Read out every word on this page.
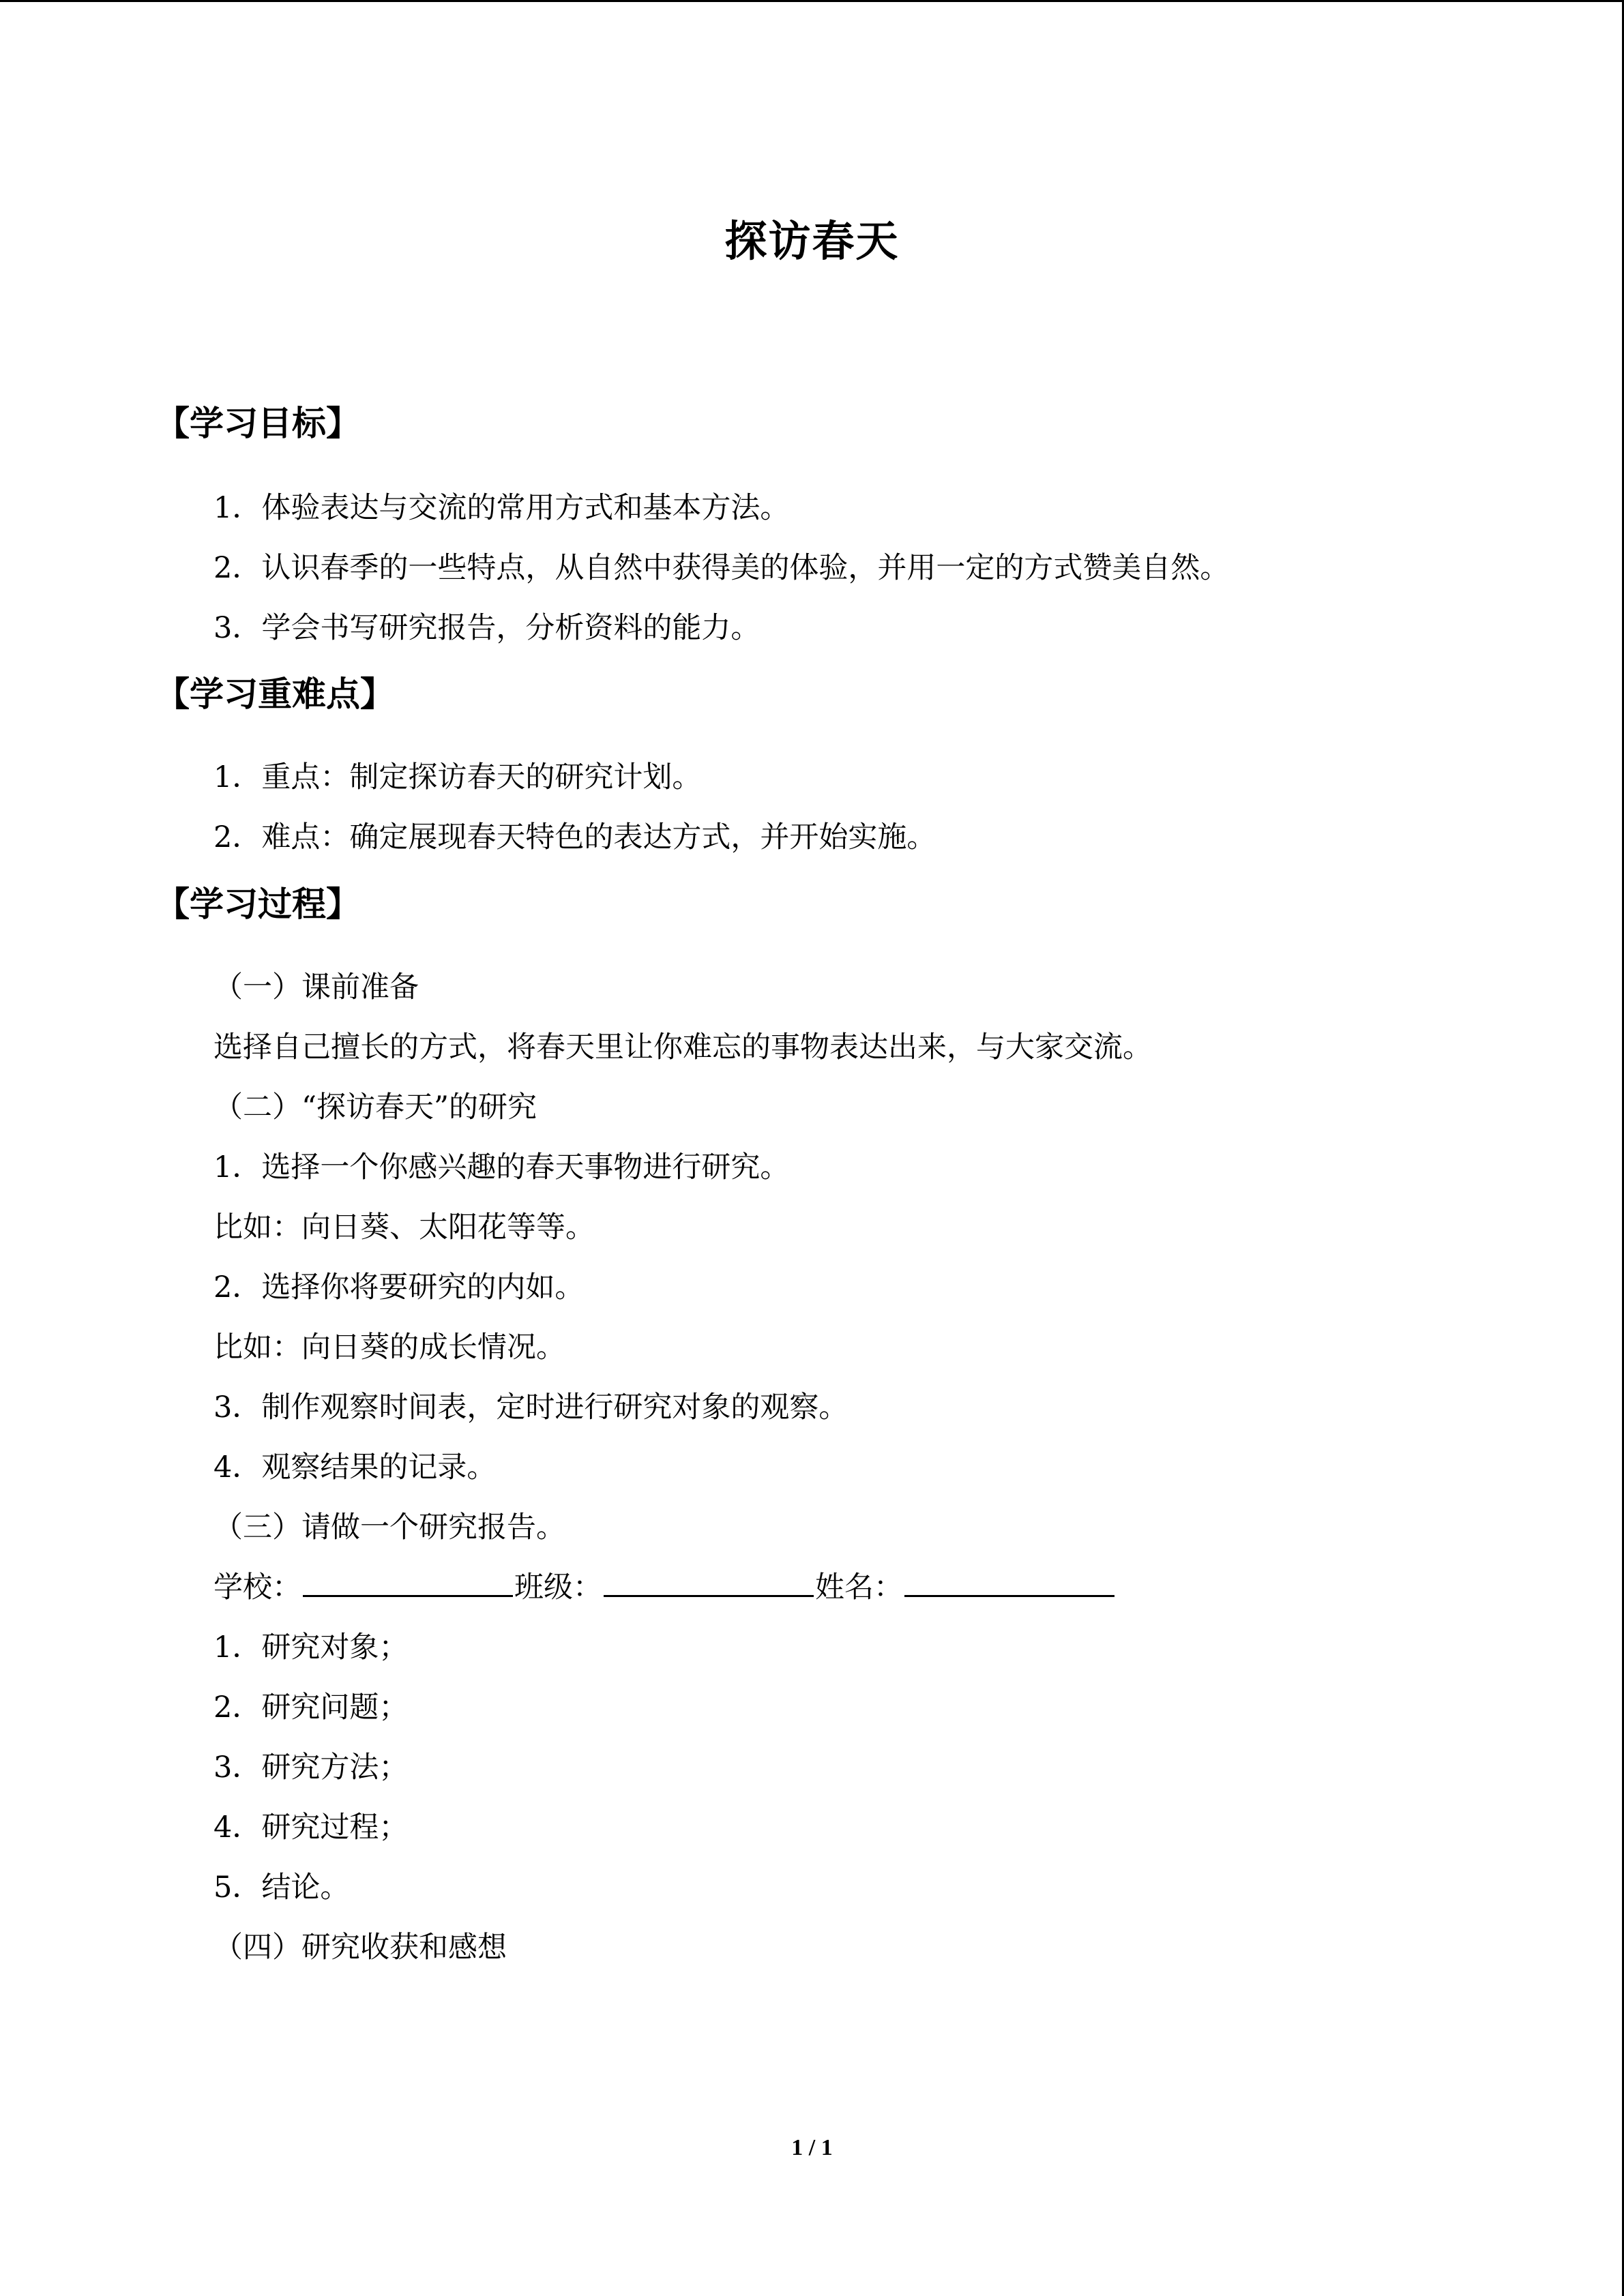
探访春天
【学习目标】
1．体验表达与交流的常用方式和基本方法。
2．认识春季的一些特点，从自然中获得美的体验，并用一定的方式赞美自然。
3．学会书写研究报告，分析资料的能力。
【学习重难点】
1．重点：制定探访春天的研究计划。
2．难点：确定展现春天特色的表达方式，并开始实施。
【学习过程】
（一）课前准备
选择自己擅长的方式，将春天里让你难忘的事物表达出来，与大家交流。
（二）“探访春天”的研究
1．选择一个你感兴趣的春天事物进行研究。
比如：向日葵、太阳花等等。
2．选择你将要研究的内如。
比如：向日葵的成长情况。
3．制作观察时间表，定时进行研究对象的观察。
4．观察结果的记录。
（三）请做一个研究报告。
学校：	班级：	姓名：
1．研究对象；
2．研究问题；
3．研究方法；
4．研究过程；
5．结论。
（四）研究收获和感想
1 / 1
